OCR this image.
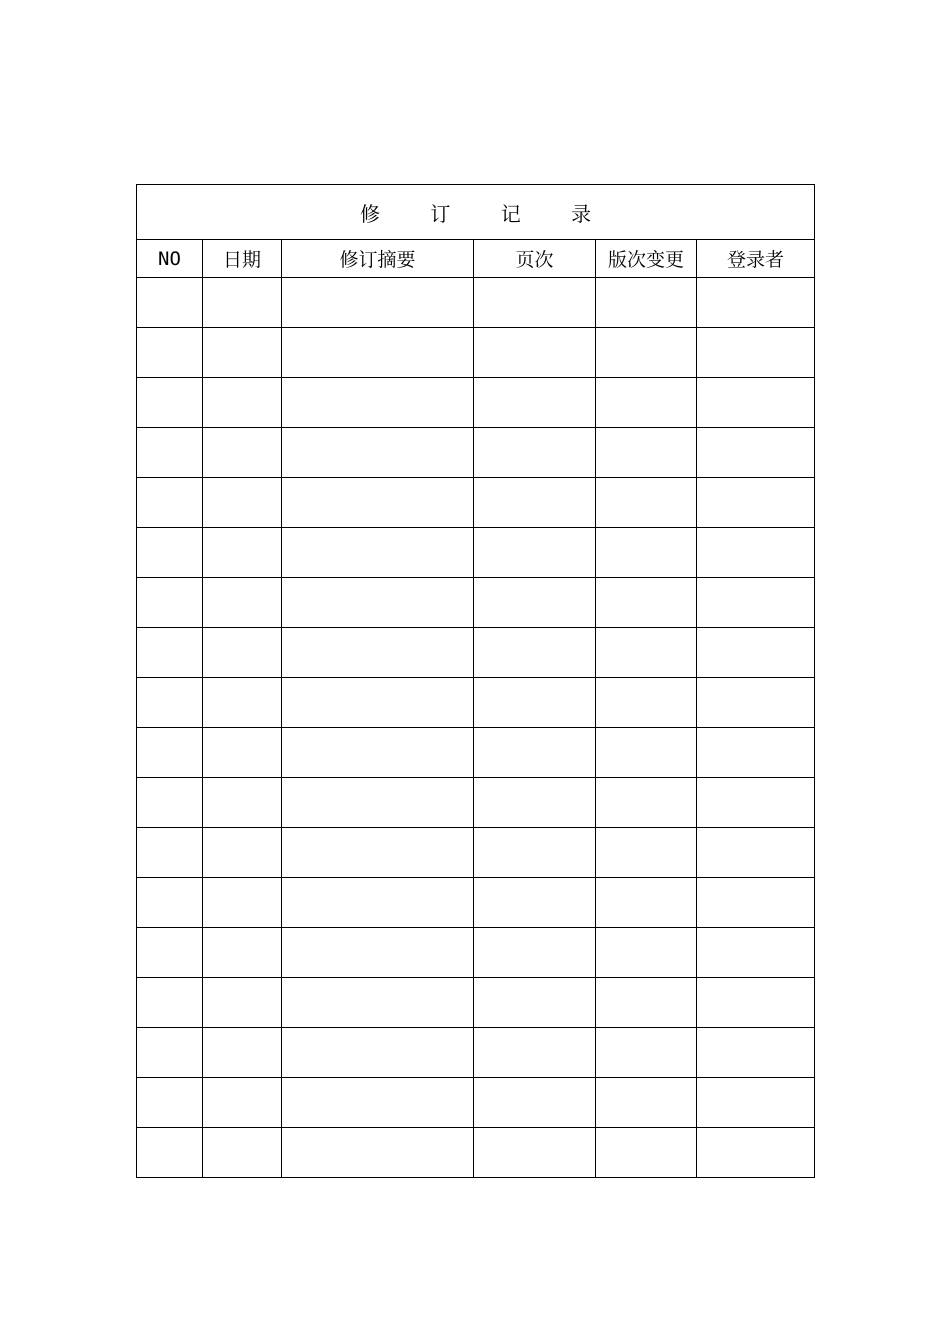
修 订 记 录					
NO	日期	修订摘要	页次	版次变更	登录者
